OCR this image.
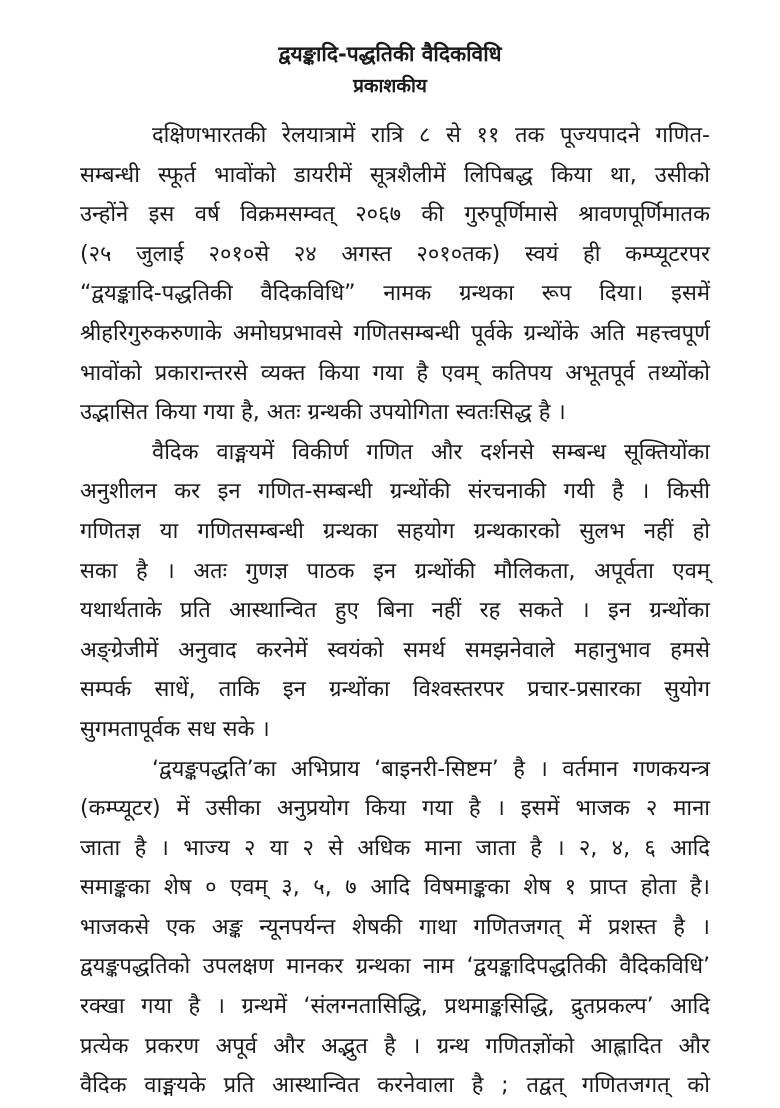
द्वयङ्कादि-पद्धतिकी वैदिकविधि
प्रकाशकीय
दक्षिणभारतकी रेलयात्रामें रात्रि ८ से ११ तक पूज्यपादने गणित-
सम्बन्धी स्फूर्त भावोंको डायरीमें सूत्रशैलीमें लिपिबद्ध किया था, उसीको
उन्होंने इस वर्ष विक्रमसम्वत् २०६७ की गुरुपूर्णिमासे श्रावणपूर्णिमातक
(२५ जुलाई २०१०से २४ अगस्त २०१०तक) स्वयं ही कम्प्यूटरपर
“द्वयङ्कादि-पद्धतिकी वैदिकविधि” नामक ग्रन्थका रूप दिया। इसमें
श्रीहरिगुरुकरुणाके अमोघप्रभावसे गणितसम्बन्धी पूर्वके ग्रन्थोंके अति महत्त्वपूर्ण
भावोंको प्रकारान्तरसे व्यक्त किया गया है एवम् कतिपय अभूतपूर्व तथ्योंको
उद्भासित किया गया है, अतः ग्रन्थकी उपयोगिता स्वतःसिद्ध है ।
वैदिक वाङ्मयमें विकीर्ण गणित और दर्शनसे सम्बन्ध सूक्तियोंका
अनुशीलन कर इन गणित-सम्बन्धी ग्रन्थोंकी संरचनाकी गयी है । किसी
गणितज्ञ या गणितसम्बन्धी ग्रन्थका सहयोग ग्रन्थकारको सुलभ नहीं हो
सका है । अतः गुणज्ञ पाठक इन ग्रन्थोंकी मौलिकता, अपूर्वता एवम्
यथार्थताके प्रति आस्थान्वित हुए बिना नहीं रह सकते । इन ग्रन्थोंका
अङ्ग्रेजीमें अनुवाद करनेमें स्वयंको समर्थ समझनेवाले महानुभाव हमसे
सम्पर्क साधें, ताकि इन ग्रन्थोंका विश्वस्तरपर प्रचार-प्रसारका सुयोग
सुगमतापूर्वक सध सके ।
‘द्वयङ्कपद्धति’का अभिप्राय ‘बाइनरी-सिष्टम’ है । वर्तमान गणकयन्त्र
(कम्प्यूटर) में उसीका अनुप्रयोग किया गया है । इसमें भाजक २ माना
जाता है । भाज्य २ या २ से अधिक माना जाता है । २, ४, ६ आदि
समाङ्कका शेष ० एवम् ३, ५, ७ आदि विषमाङ्कका शेष १ प्राप्त होता है।
भाजकसे एक अङ्क न्यूनपर्यन्त शेषकी गाथा गणितजगत् में प्रशस्त है ।
द्वयङ्कपद्धतिको उपलक्षण मानकर ग्रन्थका नाम ‘द्वयङ्कादिपद्धतिकी वैदिकविधि’
रक्खा गया है । ग्रन्थमें ‘संलग्नतासिद्धि, प्रथमाङ्कसिद्धि, द्रुतप्रकल्प’ आदि
प्रत्येक प्रकरण अपूर्व और अद्भुत है । ग्रन्थ गणितज्ञोंको आह्लादित और
वैदिक वाङ्मयके प्रति आस्थान्वित करनेवाला है ; तद्वत् गणितजगत् को
